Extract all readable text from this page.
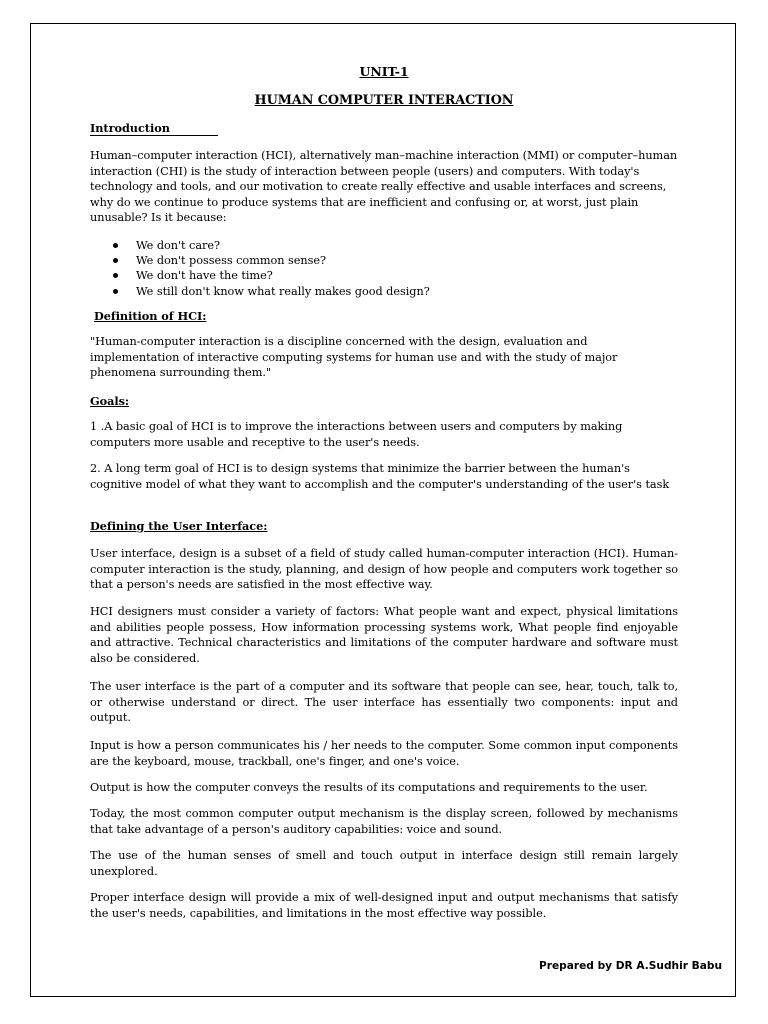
UNIT-1
HUMAN COMPUTER INTERACTION
Introduction

Human–computer interaction (HCI), alternatively man–machine interaction (MMI) or computer–human interaction (CHI) is the study of interaction between people (users) and computers. With today's technology and tools, and our motivation to create really effective and usable interfaces and screens, why do we continue to produce systems that are inefficient and confusing or, at worst, just plain unusable? Is it because:

We don't care?
We don't possess common sense?
We don't have the time?
We still don't know what really makes good design?
Definition of HCI:

"Human-computer interaction is a discipline concerned with the design, evaluation and implementation of interactive computing systems for human use and with the study of major phenomena surrounding them."

Goals:

1 .A basic goal of HCI is to improve the interactions between users and computers by making computers more usable and receptive to the user's needs.

2. A long term goal of HCI is to design systems that minimize the barrier between the human's cognitive model of what they want to accomplish and the computer's understanding of the user's task

Defining the User Interface:

User interface, design is a subset of a field of study called human-computer interaction (HCI). Human-computer interaction is the study, planning, and design of how people and computers work together so that a person's needs are satisfied in the most effective way.

HCI designers must consider a variety of factors: What people want and expect, physical limitations and abilities people possess, How information processing systems work, What people find enjoyable and attractive. Technical characteristics and limitations of the computer hardware and software must also be considered.

The user interface is the part of a computer and its software that people can see, hear, touch, talk to, or otherwise understand or direct. The user interface has essentially two components: input and output.

Input is how a person communicates his / her needs to the computer. Some common input components are the keyboard, mouse, trackball, one's finger, and one's voice.

Output is how the computer conveys the results of its computations and requirements to the user.

Today, the most common computer output mechanism is the display screen, followed by mechanisms that take advantage of a person's auditory capabilities: voice and sound.

The use of the human senses of smell and touch output in interface design still remain largely unexplored.

Proper interface design will provide a mix of well-designed input and output mechanisms that satisfy the user's needs, capabilities, and limitations in the most effective way possible.

Prepared by DR A.Sudhir Babu
